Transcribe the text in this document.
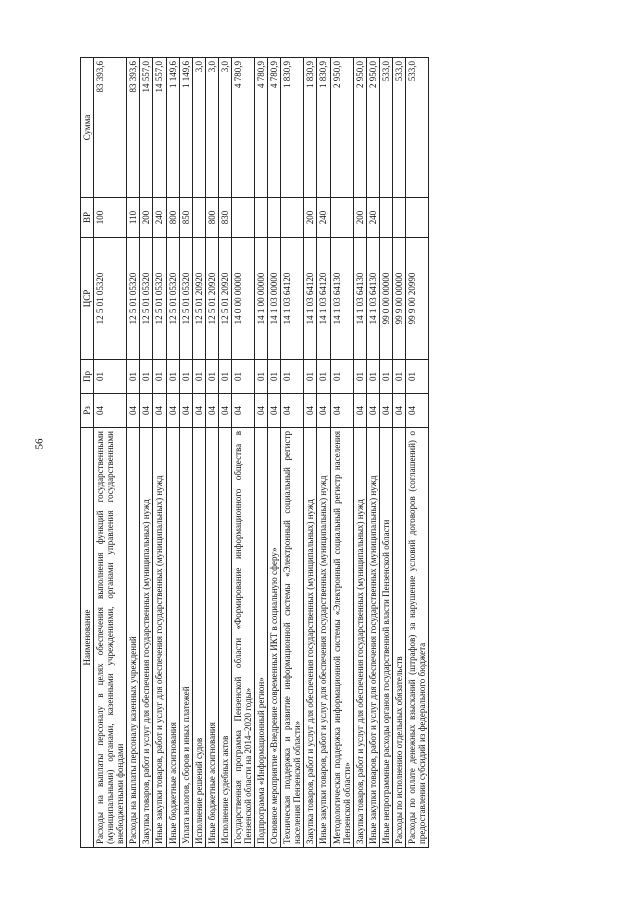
56
Наименование	Рз	Пр	ЦСР	ВР	Сумма
Расходы на выплаты персоналу в целях обеспечения выполнения функций государственными (муниципальными) органами, казенными учреждениями, органами управления государственными внебюджетными фондами	04	01	12 5 01 05320	100	83 393,6
Расходы на выплаты персоналу казенных учреждений	04	01	12 5 01 05320	110	83 393,6
Закупка товаров, работ и услуг для обеспечения государственных (муниципальных) нужд	04	01	12 5 01 05320	200	14 557,0
Иные закупки товаров, работ и услуг для обеспечения государственных (муниципальных) нужд	04	01	12 5 01 05320	240	14 557,0
Иные бюджетные ассигнования	04	01	12 5 01 05320	800	1 149,6
Уплата налогов, сборов и иных платежей	04	01	12 5 01 05320	850	1 149,6
Исполнение решений судов	04	01	12 5 01 20920		3,0
Иные бюджетные ассигнования	04	01	12 5 01 20920	800	3,0
Исполнение судебных актов	04	01	12 5 01 20920	830	3,0
Государственная программа Пензенской области «Формирование информационного общества в Пензенской области на 2014–2020 годы»	04	01	14 0 00 00000		4 780,9
Подпрограмма «Информационный регион»	04	01	14 1 00 00000		4 780,9
Основное мероприятие «Внедрение современных ИКТ в социальную сферу»	04	01	14 1 03 00000		4 780,9
Техническая поддержка и развитие информационной системы «Электронный социальный регистр населения Пензенской области»	04	01	14 1 03 64120		1 830,9
Закупка товаров, работ и услуг для обеспечения государственных (муниципальных) нужд	04	01	14 1 03 64120	200	1 830,9
Иные закупки товаров, работ и услуг для обеспечения государственных (муниципальных) нужд	04	01	14 1 03 64120	240	1 830,9
Методологическая поддержка информационной системы «Электронный социальный регистр населения Пензенской области»	04	01	14 1 03 64130		2 950,0
Закупка товаров, работ и услуг для обеспечения государственных (муниципальных) нужд	04	01	14 1 03 64130	200	2 950,0
Иные закупки товаров, работ и услуг для обеспечения государственных (муниципальных) нужд	04	01	14 1 03 64130	240	2 950,0
Иные непрограммные расходы органов государственной власти Пензенской области	04	01	99 0 00 00000		533,0
Расходы по исполнению отдельных обязательств	04	01	99 9 00 00000		533,0
Расходы по оплате денежных взысканий (штрафов) за нарушение условий договоров (соглашений) о предоставлении субсидий из федерального бюджета	04	01	99 9 00 20990		533,0
